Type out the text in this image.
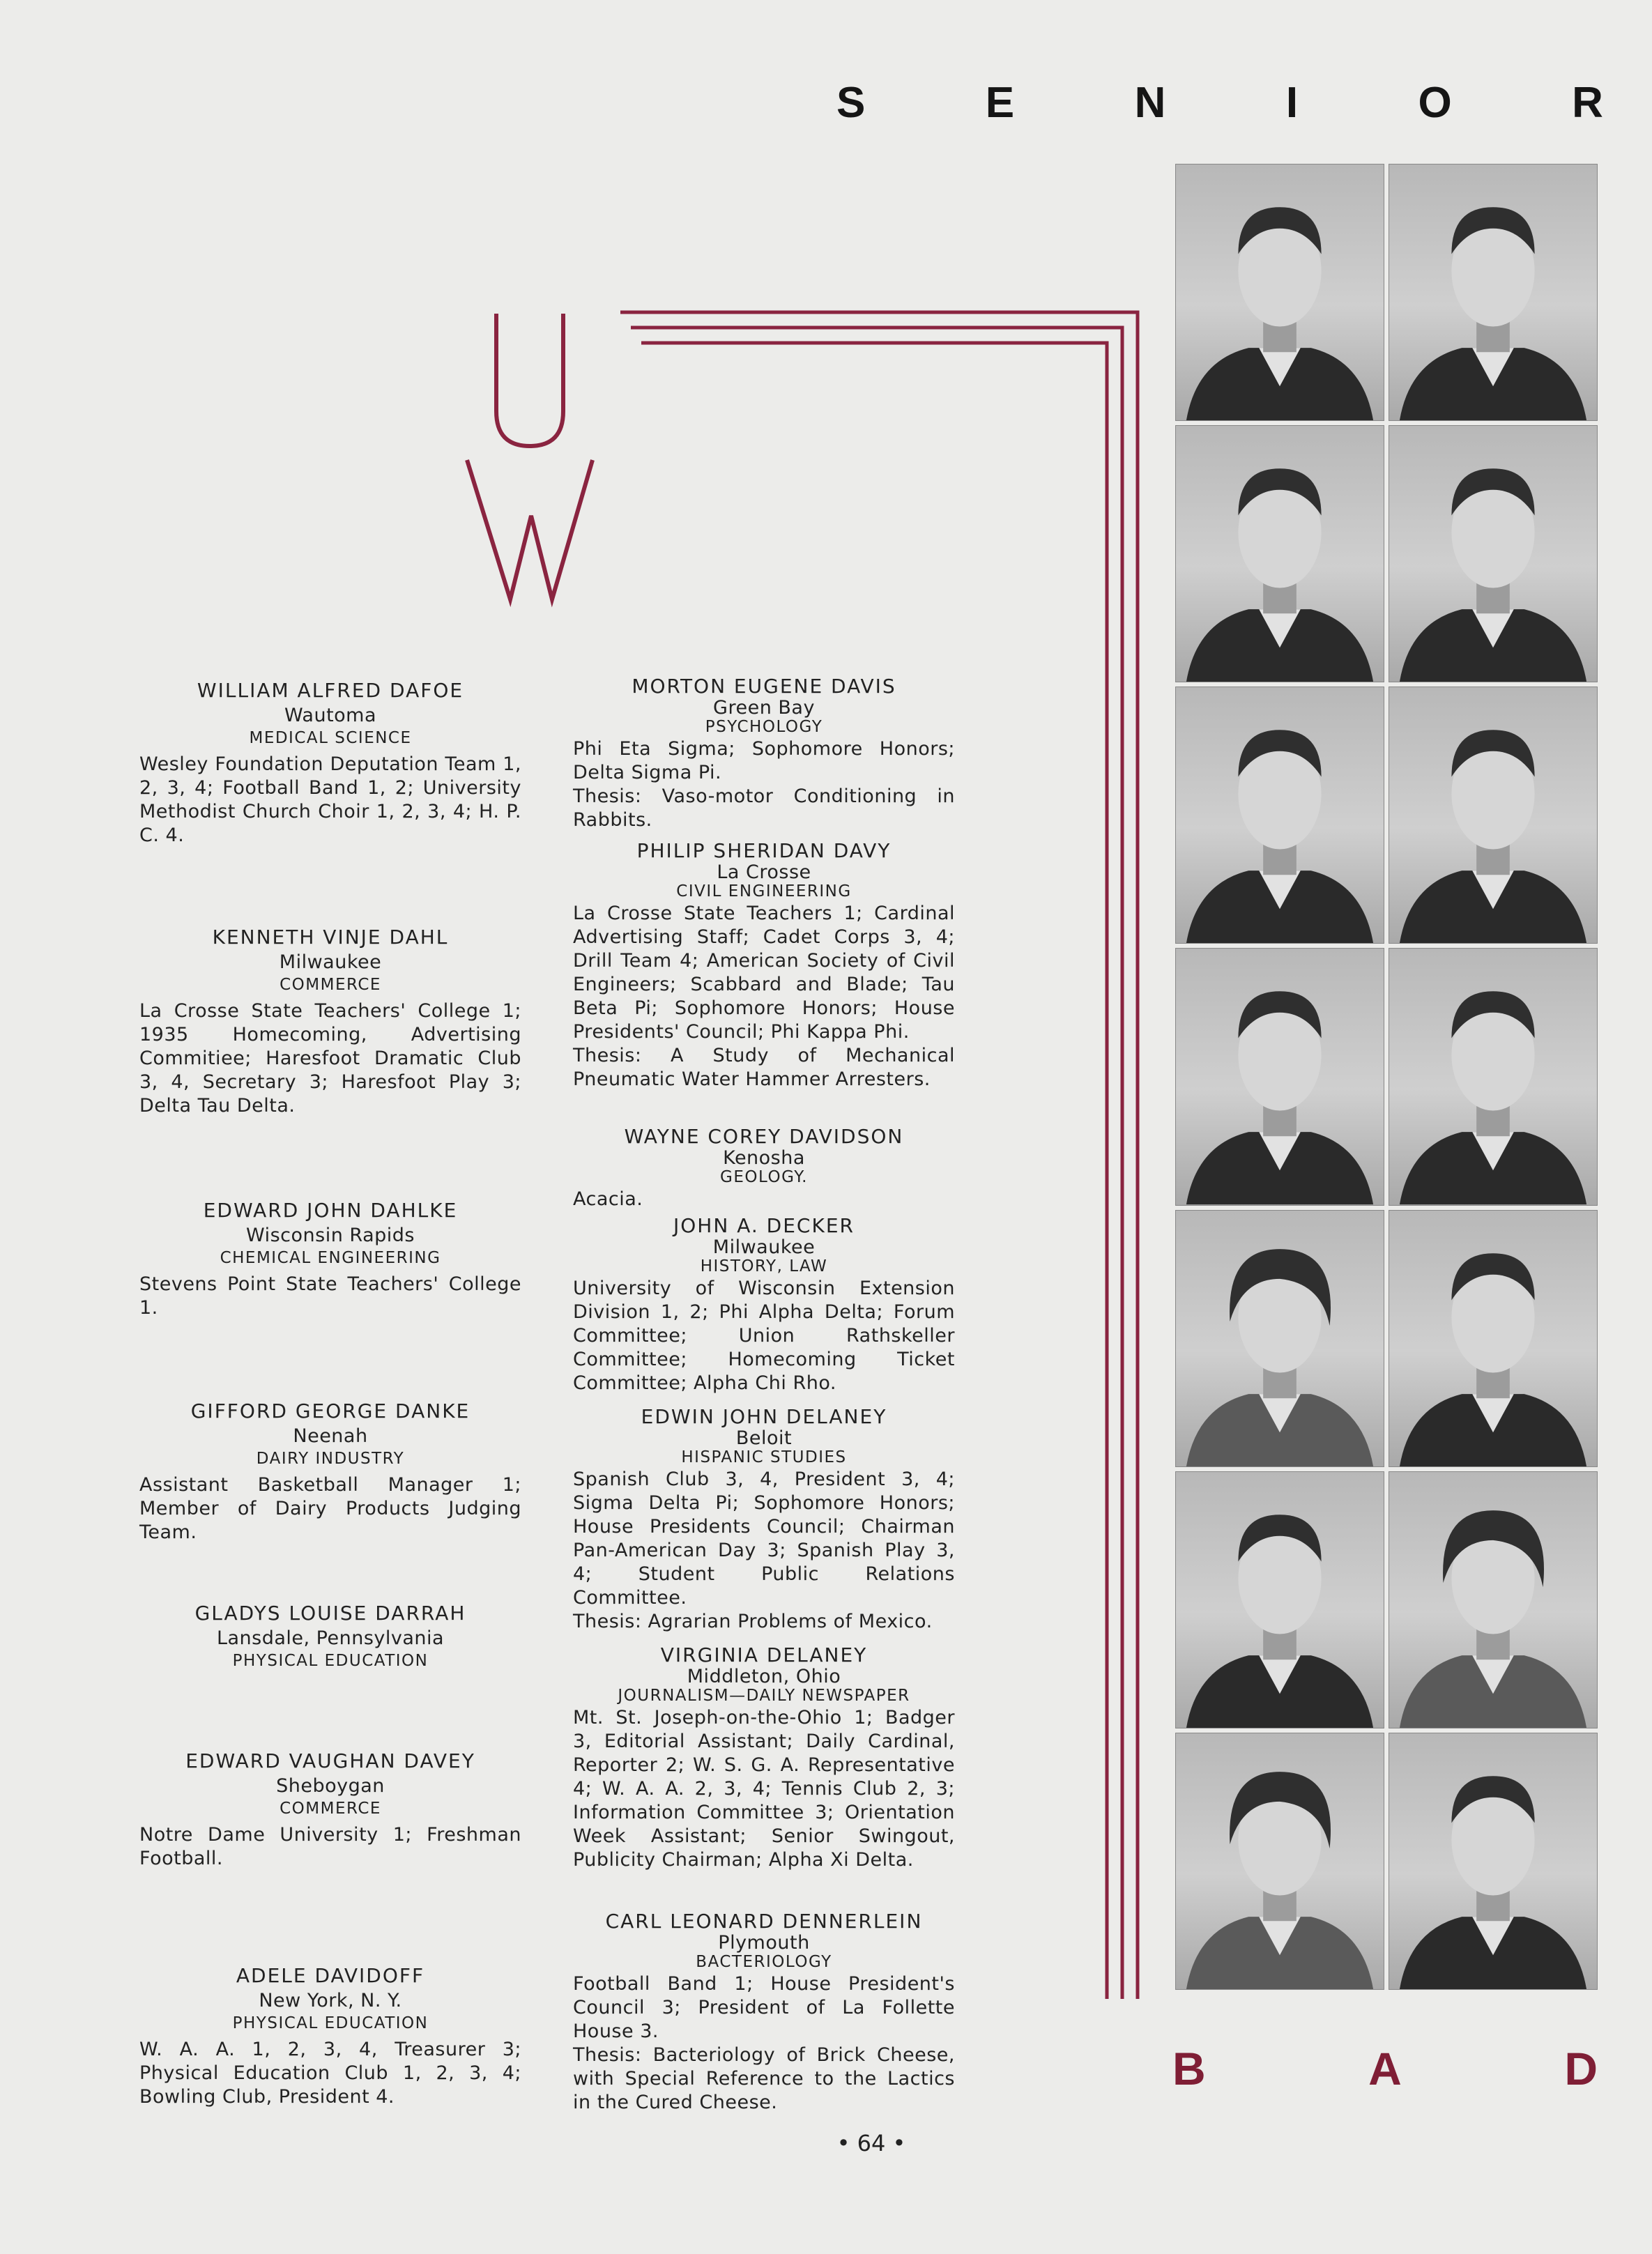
S	E	N	I	O	R
WILLIAM ALFRED DAFOE
Wautoma
MEDICAL SCIENCE
Wesley Foundation Deputation Team 1, 2, 3, 4; Football Band 1, 2; University Methodist Church Choir 1, 2, 3, 4; H. P. C. 4.
KENNETH VINJE DAHL
Milwaukee
COMMERCE
La Crosse State Teachers' College 1; 1935 Homecoming, Advertising Commitiee; Haresfoot Dramatic Club 3, 4, Secretary 3; Haresfoot Play 3; Delta Tau Delta.
EDWARD JOHN DAHLKE
Wisconsin Rapids
CHEMICAL ENGINEERING
Stevens Point State Teachers' College 1.
GIFFORD GEORGE DANKE
Neenah
DAIRY INDUSTRY
Assistant Basketball Manager 1; Member of Dairy Products Judging Team.
GLADYS LOUISE DARRAH
Lansdale, Pennsylvania
PHYSICAL EDUCATION
EDWARD VAUGHAN DAVEY
Sheboygan
COMMERCE
Notre Dame University 1; Freshman Football.
ADELE DAVIDOFF
New York, N. Y.
PHYSICAL EDUCATION
W. A. A. 1, 2, 3, 4, Treasurer 3; Physical Education Club 1, 2, 3, 4; Bowling Club, President 4.
MORTON EUGENE DAVIS
Green Bay
PSYCHOLOGY
Phi Eta Sigma; Sophomore Honors; Delta Sigma Pi.
Thesis: Vaso-motor Conditioning in Rabbits.
PHILIP SHERIDAN DAVY
La Crosse
CIVIL ENGINEERING
La Crosse State Teachers 1; Cardinal Advertising Staff; Cadet Corps 3, 4; Drill Team 4; American Society of Civil Engineers; Scabbard and Blade; Tau Beta Pi; Sophomore Honors; House Presidents' Council; Phi Kappa Phi.
Thesis: A Study of Mechanical Pneumatic Water Hammer Arresters.
WAYNE COREY DAVIDSON
Kenosha
GEOLOGY.
Acacia.
JOHN A. DECKER
Milwaukee
HISTORY, LAW
University of Wisconsin Extension Division 1, 2; Phi Alpha Delta; Forum Committee; Union Rathskeller Committee; Homecoming Ticket Committee; Alpha Chi Rho.
EDWIN JOHN DELANEY
Beloit
HISPANIC STUDIES
Spanish Club 3, 4, President 3, 4; Sigma Delta Pi; Sophomore Honors; House Presidents Council; Chairman Pan-American Day 3; Spanish Play 3, 4; Student Public Relations Committee.
Thesis: Agrarian Problems of Mexico.
VIRGINIA DELANEY
Middleton, Ohio
JOURNALISM—DAILY NEWSPAPER
Mt. St. Joseph-on-the-Ohio 1; Badger 3, Editorial Assistant; Daily Cardinal, Reporter 2; W. S. G. A. Representative 4; W. A. A. 2, 3, 4; Tennis Club 2, 3; Information Committee 3; Orientation Week Assistant; Senior Swingout, Publicity Chairman; Alpha Xi Delta.
CARL LEONARD DENNERLEIN
Plymouth
BACTERIOLOGY
Football Band 1; House President's Council 3; President of La Follette House 3.
Thesis: Bacteriology of Brick Cheese, with Special Reference to the Lactics in the Cured Cheese.
B	A	D
• 64 •
